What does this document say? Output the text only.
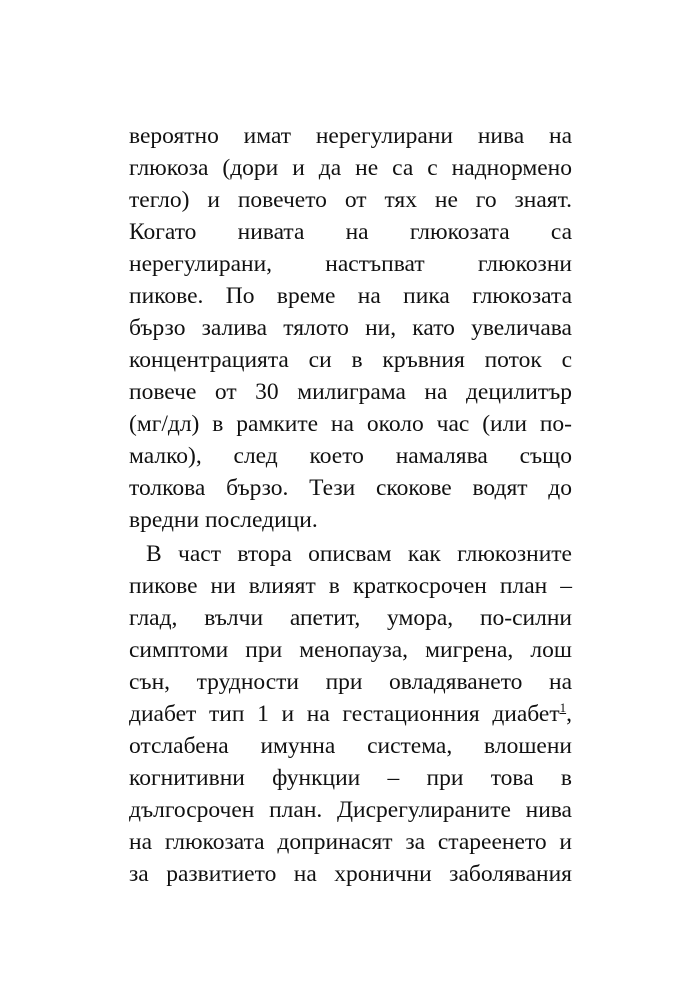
вероятно имат нерегулирани нива на
глюкоза (дори и да не са с наднормено
тегло) и повечето от тях не го знаят.
Когато нивата на глюкозата са
нерегулирани, настъпват глюкозни
пикове. По време на пика глюкозата
бързо залива тялото ни, като увеличава
концентрацията си в кръвния поток с
повече от 30 милиграма на децилитър
(мг/дл) в рамките на около час (или по-
малко), след което намалява също
толкова бързо. Тези скокове водят до
вредни последици.
В част втора описвам как глюкозните
пикове ни влияят в краткосрочен план –
глад, вълчи апетит, умора, по-силни
симптоми при менопауза, мигрена, лош
сън, трудности при овладяването на
диабет тип 1 и на гестационния диабет$^1$,
отслабена имунна система, влошени
когнитивни функции – при това в
дългосрочен план. Дисрегулираните нива
на глюкозата допринасят за стареенето и
за развитието на хронични заболявания
